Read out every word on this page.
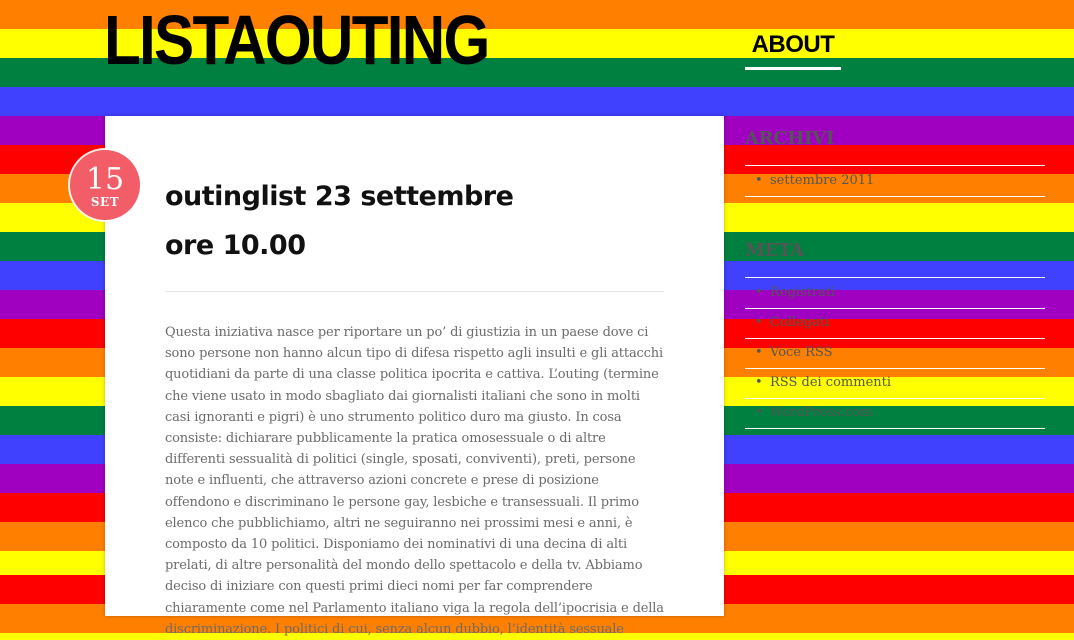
LISTAOUTING	ABOUT
15
SET	outinglist 23 settembre
ore 10.00

Questa iniziativa nasce per riportare un po’ di giustizia in un paese dove ci sono persone non hanno alcun tipo di difesa rispetto agli insulti e gli attacchi quotidiani da parte di una classe politica ipocrita e cattiva. L’outing (termine che viene usato in modo sbagliato dai giornalisti italiani che sono in molti casi ignoranti e pigri) è uno strumento politico duro ma giusto. In cosa consiste: dichiarare pubblicamente la pratica omosessuale o di altre differenti sessualità di politici (single, sposati, conviventi), preti, persone note e influenti, che attraverso azioni concrete e prese di posizione offendono e discriminano le persone gay, lesbiche e transessuali. Il primo elenco che pubblichiamo, altri ne seguiranno nei prossimi mesi e anni, è composto da 10 politici. Disponiamo dei nominativi di una decina di alti prelati, di altre personalità del mondo dello spettacolo e della tv. Abbiamo deciso di iniziare con questi primi dieci nomi per far comprendere chiaramente come nel Parlamento italiano viga la regola dell’ipocrisia e della discriminazione. I politici di cui, senza alcun dubbio, l’identità sessuale

ARCHIVI
• settembre 2011
META
• Registrati
• Collegati
• Voce RSS
• RSS dei commenti
• WordPress.com
